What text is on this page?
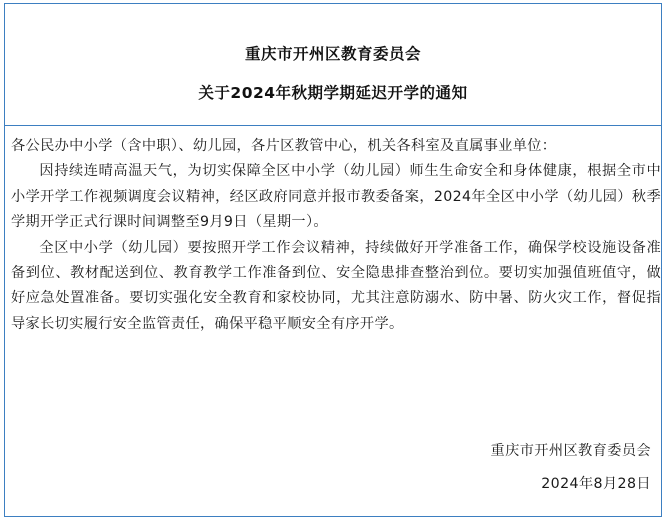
重庆市开州区教育委员会
关于2024年秋期学期延迟开学的通知

各公民办中小学（含中职）、幼儿园，各片区教管中心，机关各科室及直属事业单位：

因持续连晴高温天气，为切实保障全区中小学（幼儿园）师生生命安全和身体健康，根据全市中小学开学工作视频调度会议精神，经区政府同意并报市教委备案，2024年全区中小学（幼儿园）秋季学期开学正式行课时间调整至9月9日（星期一）。

全区中小学（幼儿园）要按照开学工作会议精神，持续做好开学准备工作，确保学校设施设备准备到位、教材配送到位、教育教学工作准备到位、安全隐患排查整治到位。要切实加强值班值守，做好应急处置准备。要切实强化安全教育和家校协同，尤其注意防溺水、防中暑、防火灾工作，督促指导家长切实履行安全监管责任，确保平稳平顺安全有序开学。

重庆市开州区教育委员会
2024年8月28日
